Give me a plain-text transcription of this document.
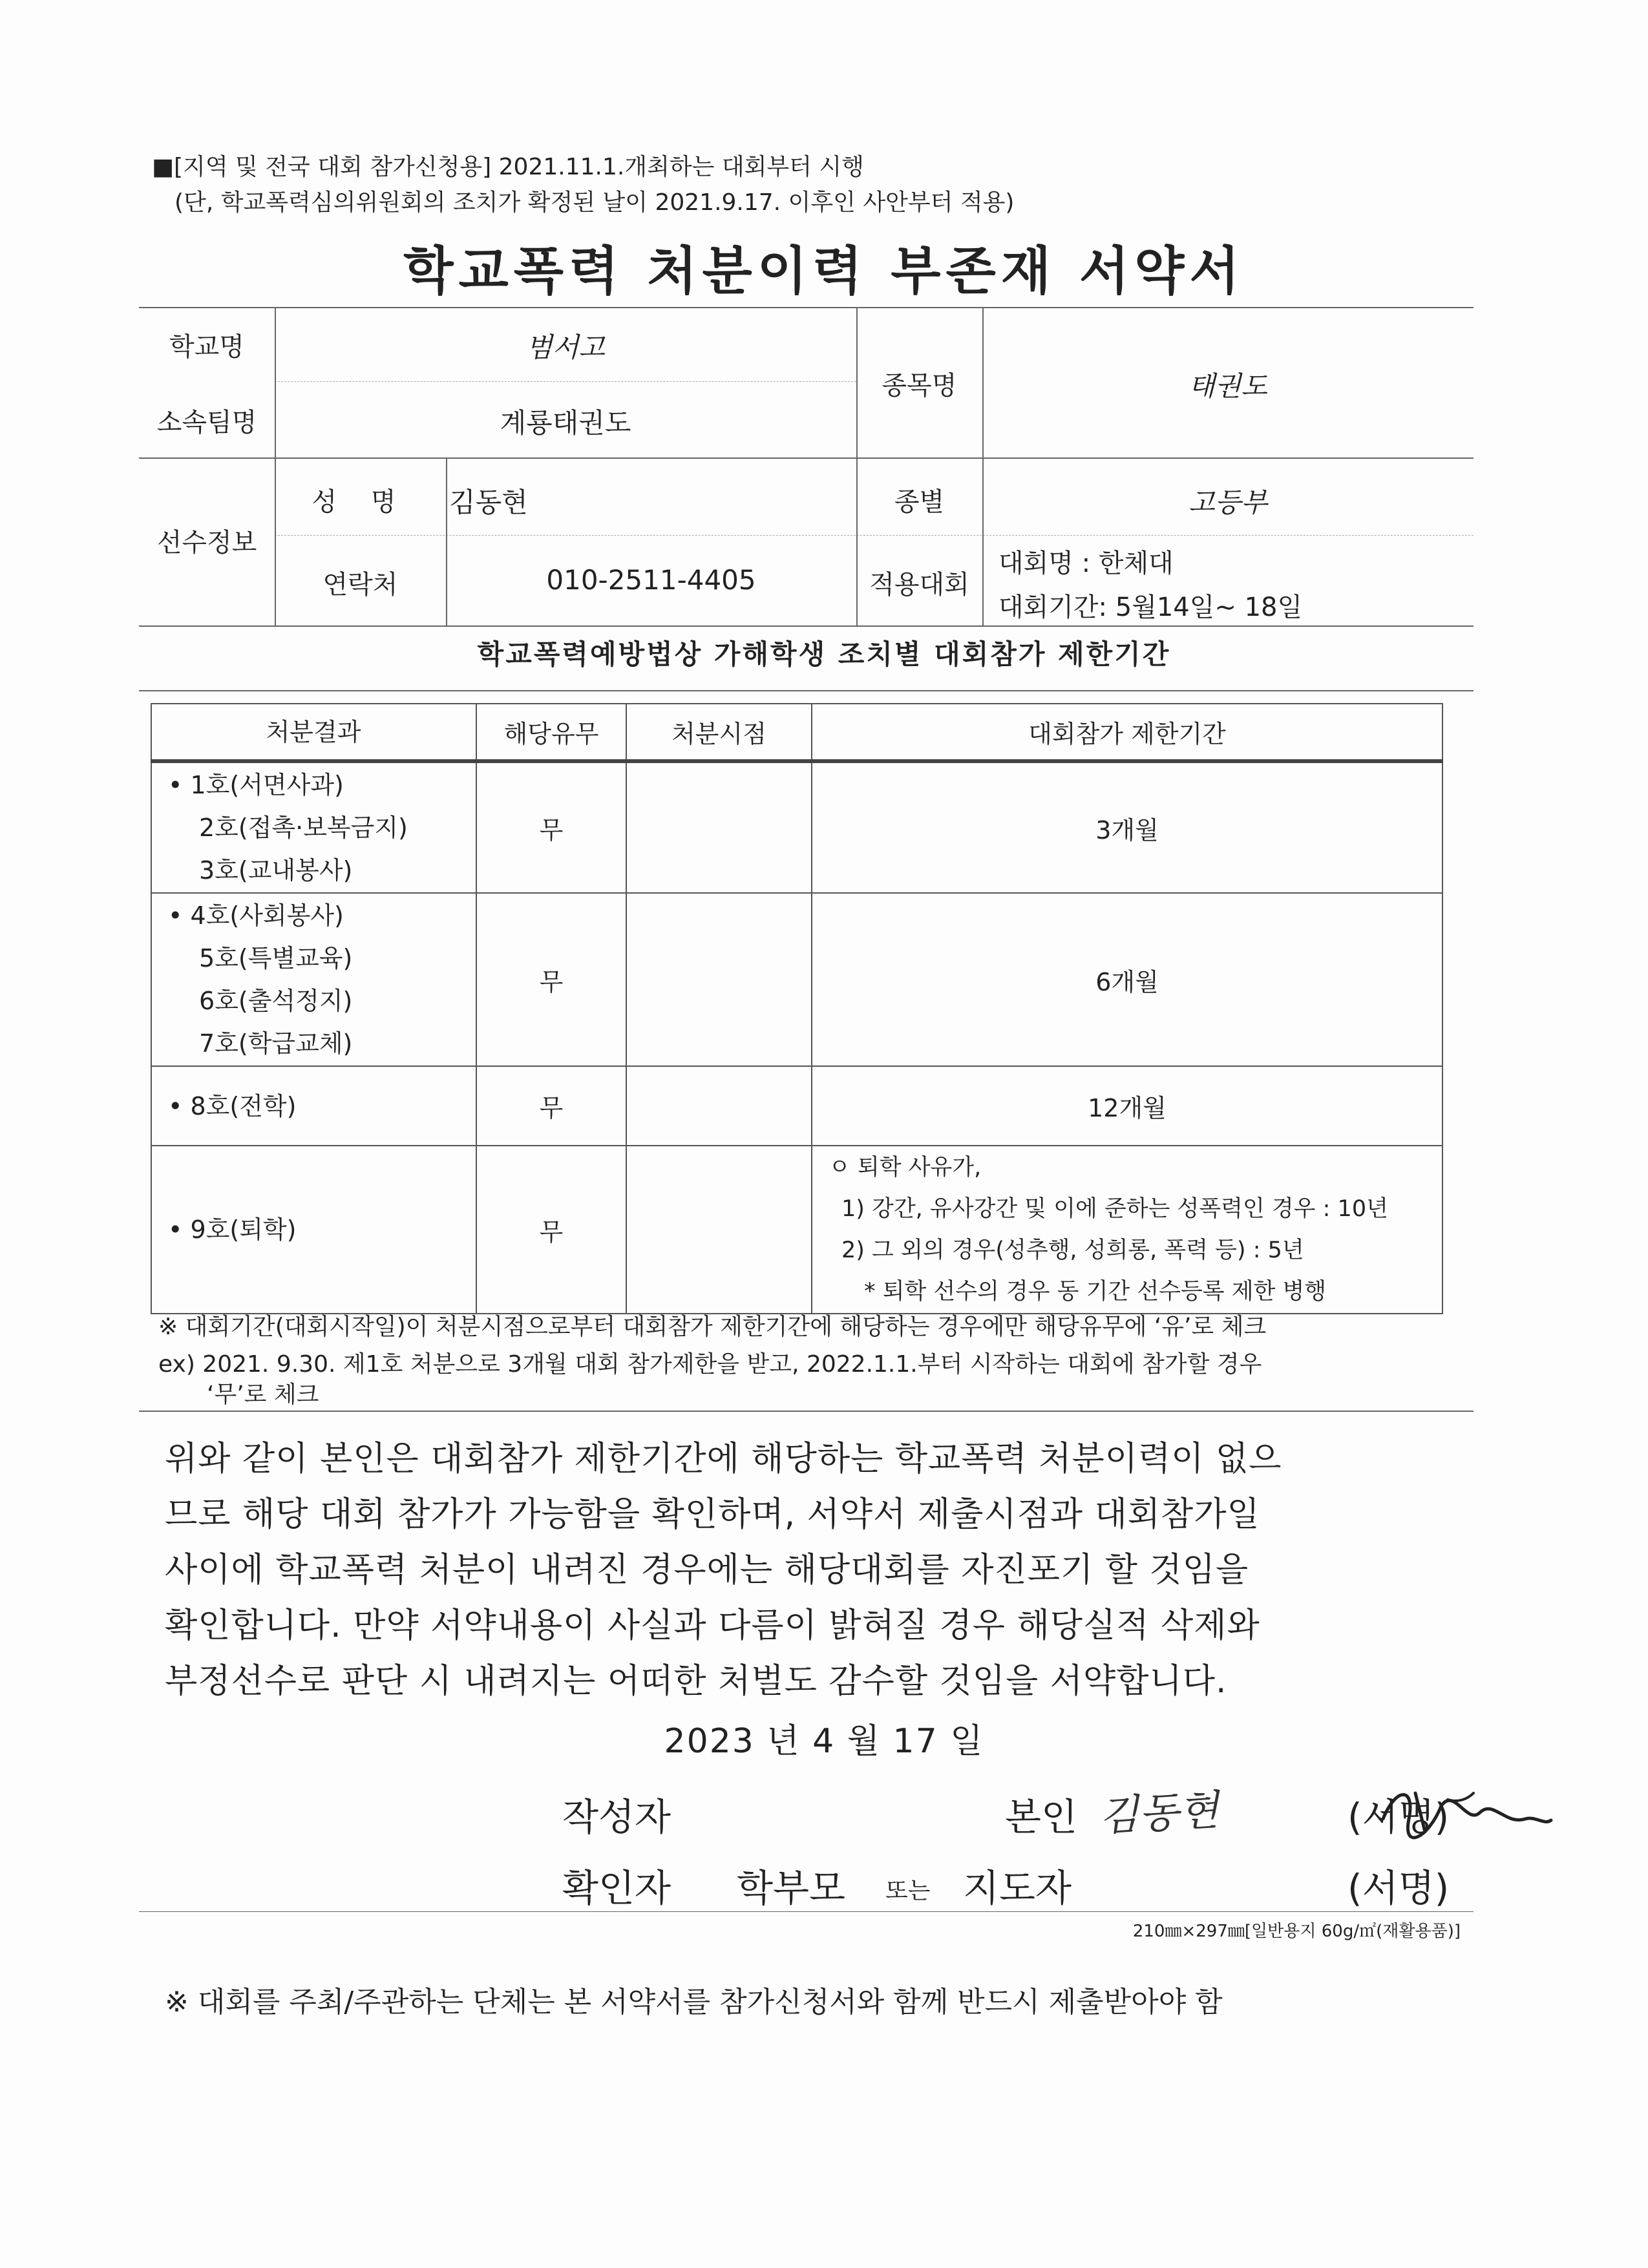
■[지역 및 전국 대회 참가신청용] 2021.11.1.개최하는 대회부터 시행
(단, 학교폭력심의위원회의 조치가 확정된 날이 2021.9.17. 이후인 사안부터 적용)
학교폭력 처분이력 부존재 서약서
학교명	범서고
소속팀명	계룡태권도
종목명	태권도
선수정보
성 명	김동현
연락처	010-2511-4405
종별	고등부
적용대회
대회명 : 한체대
대회기간: 5월14일~ 18일
학교폭력예방법상 가해학생 조치별 대회참가 제한기간
처분결과	해당유무	처분시점	대회참가 제한기간

• 1호(서면사과)
2호(접촉·보복금지)
3호(교내봉사)	무		3개월

• 4호(사회봉사)
5호(특별교육)
6호(출석정지)
7호(학급교체)	무		6개월

• 8호(전학)	무		12개월

• 9호(퇴학)	무		ㅇ 퇴학 사유가,
1) 강간, 유사강간 및 이에 준하는 성폭력인 경우 : 10년
2) 그 외의 경우(성추행, 성희롱, 폭력 등) : 5년
* 퇴학 선수의 경우 동 기간 선수등록 제한 병행
※ 대회기간(대회시작일)이 처분시점으로부터 대회참가 제한기간에 해당하는 경우에만 해당유무에 ‘유’로 체크
ex) 2021. 9.30. 제1호 처분으로 3개월 대회 참가제한을 받고, 2022.1.1.부터 시작하는 대회에 참가할 경우
‘무’로 체크
위와 같이 본인은 대회참가 제한기간에 해당하는 학교폭력 처분이력이 없으
므로 해당 대회 참가가 가능함을 확인하며, 서약서 제출시점과 대회참가일
사이에 학교폭력 처분이 내려진 경우에는 해당대회를 자진포기 할 것임을
확인합니다. 만약 서약내용이 사실과 다름이 밝혀질 경우 해당실적 삭제와
부정선수로 판단 시 내려지는 어떠한 처벌도 감수할 것임을 서약합니다.
2023 년 4 월 17 일
작성자	본인 김동현	(서명)
확인자 학부모 또는 지도자	(서명)
210㎜×297㎜[일반용지 60g/㎡(재활용품)]
※ 대회를 주최/주관하는 단체는 본 서약서를 참가신청서와 함께 반드시 제출받아야 함
